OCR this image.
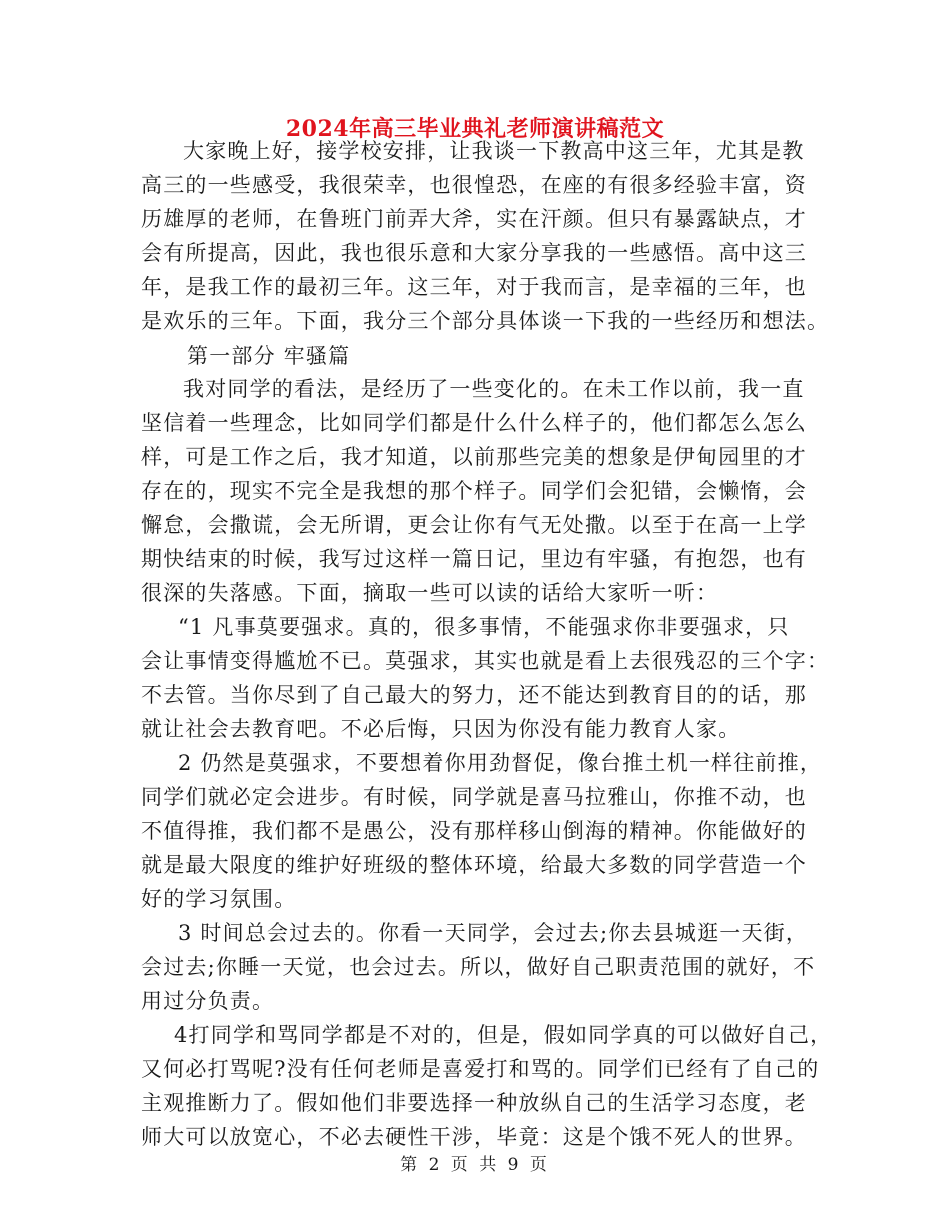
2024年高三毕业典礼老师演讲稿范文
大家晚上好，接学校安排，让我谈一下教高中这三年，尤其是教
高三的一些感受，我很荣幸，也很惶恐，在座的有很多经验丰富，资
历雄厚的老师，在鲁班门前弄大斧，实在汗颜。但只有暴露缺点，才
会有所提高，因此，我也很乐意和大家分享我的一些感悟。高中这三
年，是我工作的最初三年。这三年，对于我而言，是幸福的三年，也
是欢乐的三年。下面，我分三个部分具体谈一下我的一些经历和想法。
第一部分 牢骚篇
我对同学的看法，是经历了一些变化的。在未工作以前，我一直
坚信着一些理念，比如同学们都是什么什么样子的，他们都怎么怎么
样，可是工作之后，我才知道，以前那些完美的想象是伊甸园里的才
存在的，现实不完全是我想的那个样子。同学们会犯错，会懒惰，会
懈怠，会撒谎，会无所谓，更会让你有气无处撒。以至于在高一上学
期快结束的时候，我写过这样一篇日记，里边有牢骚，有抱怨，也有
很深的失落感。下面，摘取一些可以读的话给大家听一听：
“1 凡事莫要强求。真的，很多事情，不能强求你非要强求，只
会让事情变得尴尬不已。莫强求，其实也就是看上去很残忍的三个字：
不去管。当你尽到了自己最大的努力，还不能达到教育目的的话，那
就让社会去教育吧。不必后悔，只因为你没有能力教育人家。
2 仍然是莫强求，不要想着你用劲督促，像台推土机一样往前推，
同学们就必定会进步。有时候，同学就是喜马拉雅山，你推不动，也
不值得推，我们都不是愚公，没有那样移山倒海的精神。你能做好的
就是最大限度的维护好班级的整体环境，给最大多数的同学营造一个
好的学习氛围。
3 时间总会过去的。你看一天同学，会过去;你去县城逛一天街，
会过去;你睡一天觉，也会过去。所以，做好自己职责范围的就好，不
用过分负责。
4打同学和骂同学都是不对的，但是，假如同学真的可以做好自己，
又何必打骂呢?没有任何老师是喜爱打和骂的。同学们已经有了自己的
主观推断力了。假如他们非要选择一种放纵自己的生活学习态度，老
师大可以放宽心，不必去硬性干涉，毕竟：这是个饿不死人的世界。
第 2 页 共 9 页
